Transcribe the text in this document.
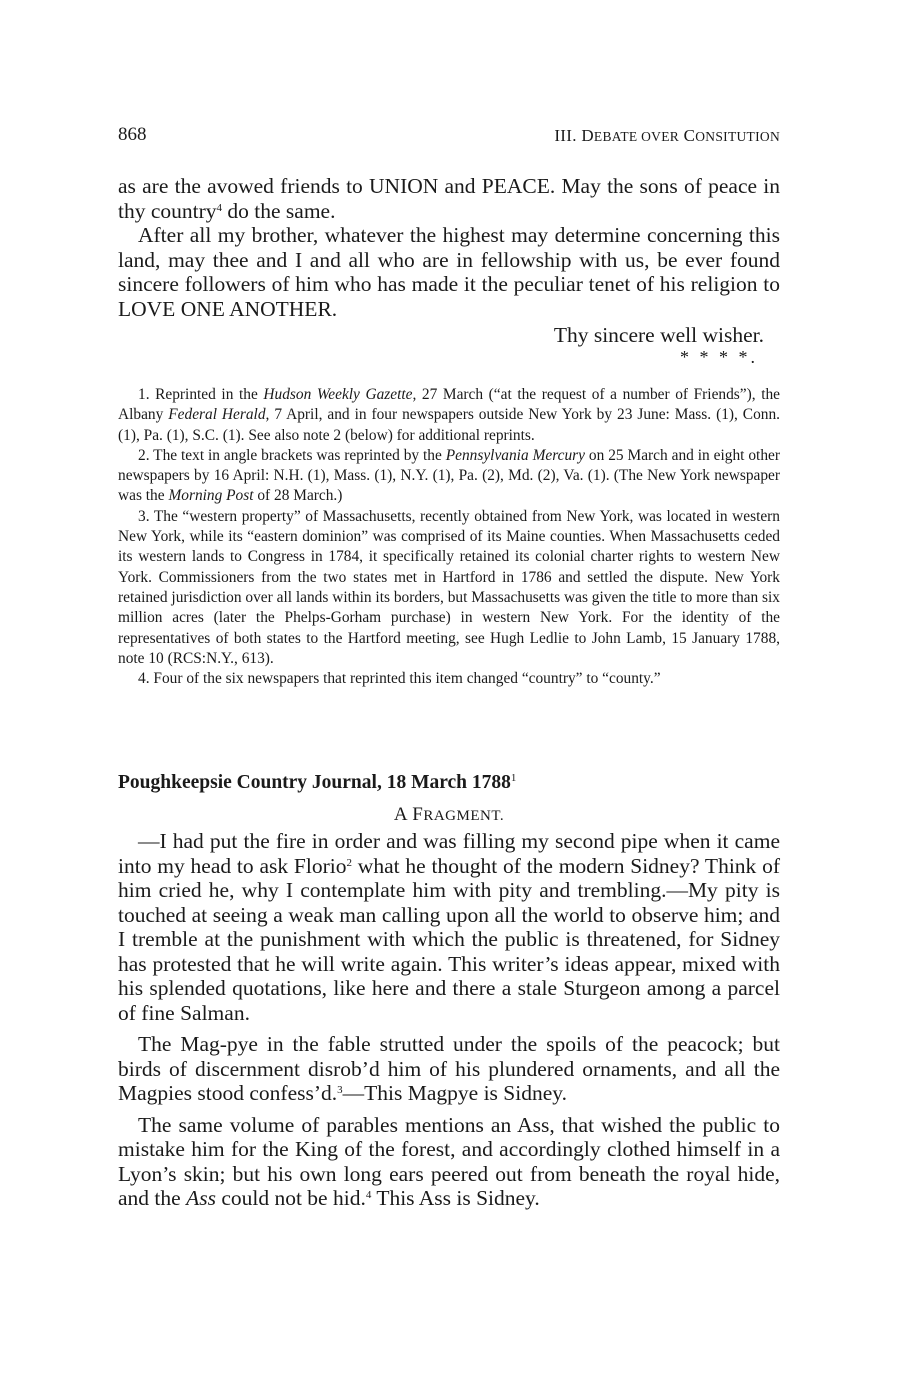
868	III. DEBATE OVER CONSITUTION

as are the avowed friends to UNION and PEACE. May the sons of peace in thy country$^4$ do the same.

After all my brother, whatever the highest may determine concerning this land, may thee and I and all who are in fellowship with us, be ever found sincere followers of him who has made it the peculiar tenet of his religion to LOVE ONE ANOTHER.

Thy sincere well wisher.

* * * *.

1. Reprinted in the Hudson Weekly Gazette, 27 March (“at the request of a number of Friends”), the Albany Federal Herald, 7 April, and in four newspapers outside New York by 23 June: Mass. (1), Conn. (1), Pa. (1), S.C. (1). See also note 2 (below) for additional reprints.

2. The text in angle brackets was reprinted by the Pennsylvania Mercury on 25 March and in eight other newspapers by 16 April: N.H. (1), Mass. (1), N.Y. (1), Pa. (2), Md. (2), Va. (1). (The New York newspaper was the Morning Post of 28 March.)

3. The “western property” of Massachusetts, recently obtained from New York, was located in western New York, while its “eastern dominion” was comprised of its Maine counties. When Massachusetts ceded its western lands to Congress in 1784, it specifically retained its colonial charter rights to western New York. Commissioners from the two states met in Hartford in 1786 and settled the dispute. New York retained jurisdiction over all lands within its borders, but Massachusetts was given the title to more than six million acres (later the Phelps-Gorham purchase) in western New York. For the identity of the representatives of both states to the Hartford meeting, see Hugh Ledlie to John Lamb, 15 January 1788, note 10 (RCS:N.Y., 613).

4. Four of the six newspapers that reprinted this item changed “country” to “county.”

Poughkeepsie Country Journal, 18 March 1788$^1$
A FRAGMENT.

—I had put the fire in order and was filling my second pipe when it came into my head to ask Florio$^2$ what he thought of the modern Sidney? Think of him cried he, why I contemplate him with pity and trembling.—My pity is touched at seeing a weak man calling upon all the world to observe him; and I tremble at the punishment with which the public is threatened, for Sidney has protested that he will write again. This writer’s ideas appear, mixed with his splended quotations, like here and there a stale Sturgeon among a parcel of fine Salman.

The Mag-pye in the fable strutted under the spoils of the peacock; but birds of discernment disrob’d him of his plundered ornaments, and all the Magpies stood confess’d.$^3$—This Magpye is Sidney.

The same volume of parables mentions an Ass, that wished the public to mistake him for the King of the forest, and accordingly clothed himself in a Lyon’s skin; but his own long ears peered out from beneath the royal hide, and the Ass could not be hid.$^4$ This Ass is Sidney.
